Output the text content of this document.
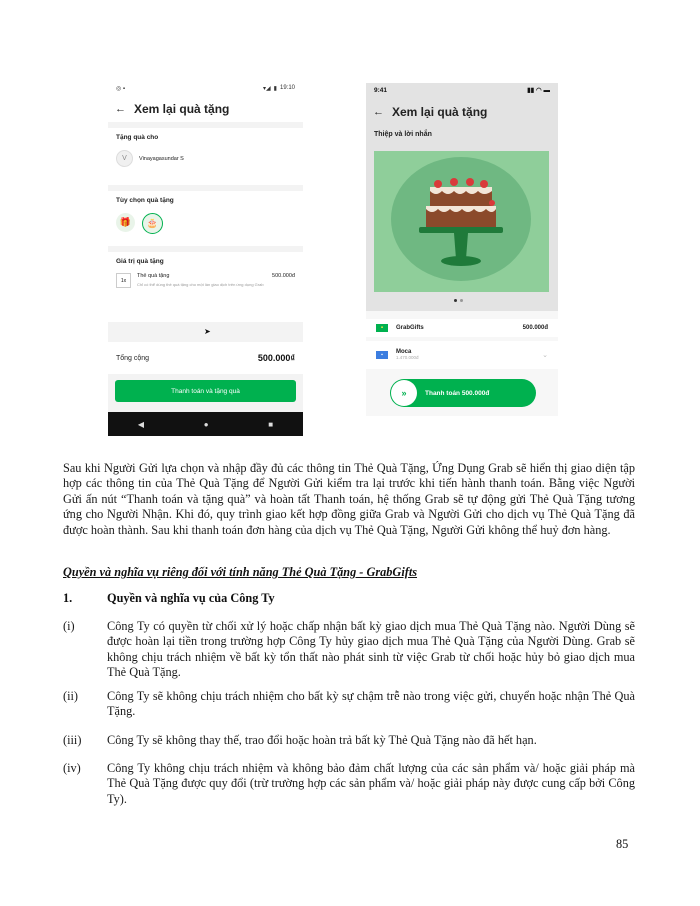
◎ ▪	▾◢ ▮ 19:10
← Xem lại quà tặng
Tặng quà cho
V	Vinayagasundar S
Tùy chọn quà tặng
🎁	🎂
Giá trị quà tặng
1x
Thẻ quà tặng
Chỉ có thể dùng thẻ quà tặng cho một lần giao dịch trên ứng dụng Grab
500.000đ
Tổng cộng	500.000₫
Thanh toán và tặng quà
◀	●	■
➤
9:41	▮▮ ◠ ▬
← Xem lại quà tặng
Thiệp và lời nhắn
▪	GrabGifts	500.000đ
▪	Moca
1.470.000đ	⌄
»	Thanh toán 500.000đ
Sau khi Người Gửi lựa chọn và nhập đầy đủ các thông tin Thẻ Quà Tặng, Ứng Dụng Grab sẽ hiển thị giao diện tập hợp các thông tin của Thẻ Quà Tặng để Người Gửi kiểm tra lại trước khi tiến hành thanh toán. Bằng việc Người Gửi ấn nút “Thanh toán và tặng quà” và hoàn tất Thanh toán, hệ thống Grab sẽ tự động gửi Thẻ Quà Tặng tương ứng cho Người Nhận. Khi đó, quy trình giao kết hợp đồng giữa Grab và Người Gửi cho dịch vụ Thẻ Quà Tặng đã được hoàn thành. Sau khi thanh toán đơn hàng của dịch vụ Thẻ Quà Tặng, Người Gửi không thể huỷ đơn hàng.
Quyền và nghĩa vụ riêng đối với tính năng Thẻ Quà Tặng - GrabGifts
1.	Quyền và nghĩa vụ của Công Ty
(i)	Công Ty có quyền từ chối xử lý hoặc chấp nhận bất kỳ giao dịch mua Thẻ Quà Tặng nào. Người Dùng sẽ được hoàn lại tiền trong trường hợp Công Ty hủy giao dịch mua Thẻ Quà Tặng của Người Dùng. Grab sẽ không chịu trách nhiệm về bất kỳ tổn thất nào phát sinh từ việc Grab từ chối hoặc hủy bỏ giao dịch mua Thẻ Quà Tặng.
(ii) Công Ty sẽ không chịu trách nhiệm cho bất kỳ sự chậm trễ nào trong việc gửi, chuyển hoặc nhận Thẻ Quà Tặng.
(iii) Công Ty sẽ không thay thế, trao đổi hoặc hoàn trả bất kỳ Thẻ Quà Tặng nào đã hết hạn.
(iv) Công Ty không chịu trách nhiệm và không bảo đảm chất lượng của các sản phẩm và/ hoặc giải pháp mà Thẻ Quà Tặng được quy đổi (trừ trường hợp các sản phẩm và/ hoặc giải pháp này được cung cấp bởi Công Ty).
85
